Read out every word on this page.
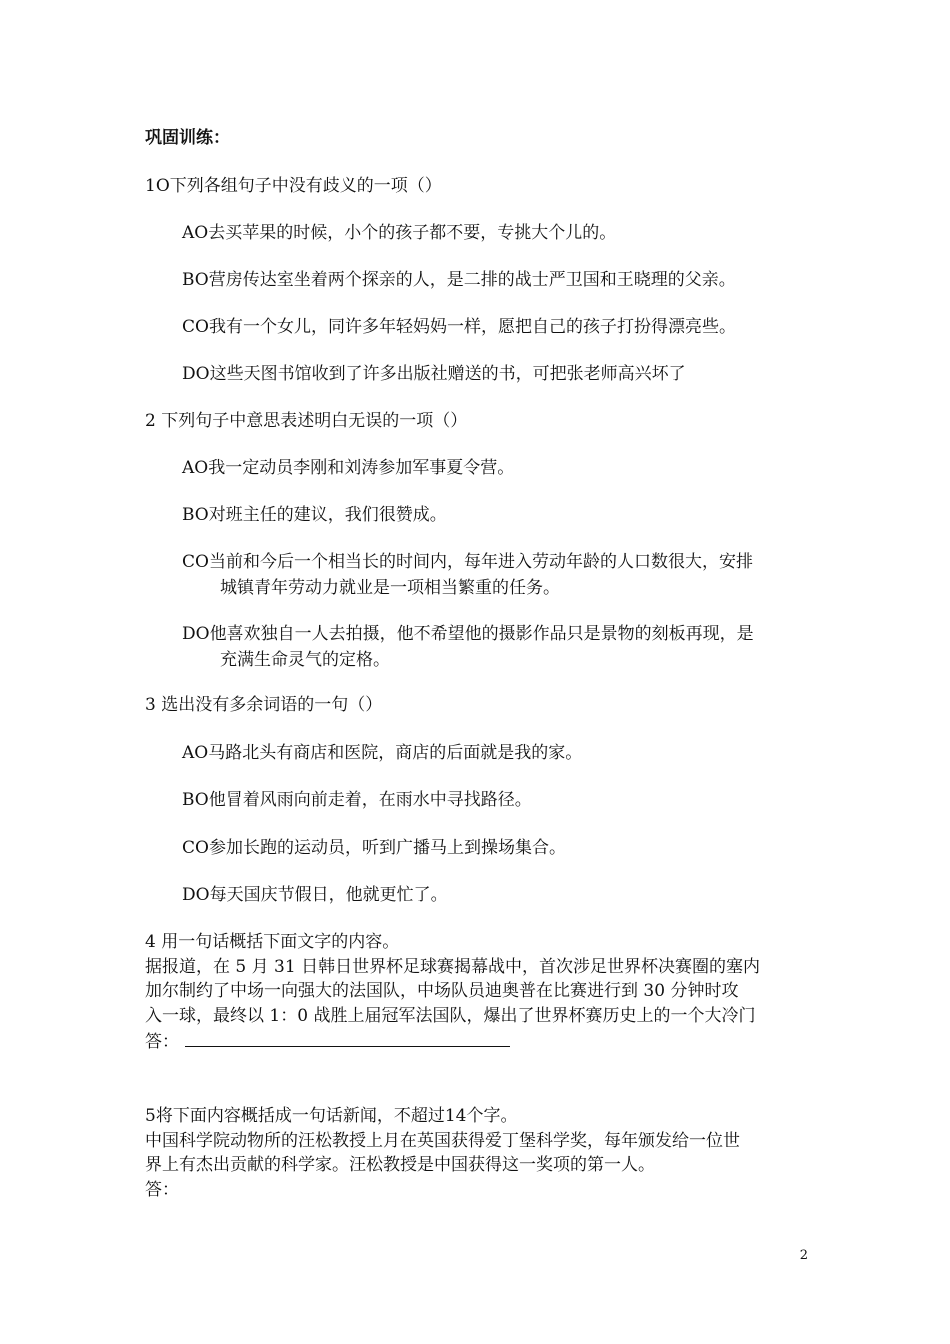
巩固训练：
1O下列各组句子中没有歧义的一项（）
AO去买苹果的时候，小个的孩子都不要，专挑大个儿的。
BO营房传达室坐着两个探亲的人，是二排的战士严卫国和王晓理的父亲。
CO我有一个女儿，同许多年轻妈妈一样，愿把自己的孩子打扮得漂亮些。
DO这些天图书馆收到了许多出版社赠送的书，可把张老师高兴坏了
2 下列句子中意思表述明白无误的一项（）
AO我一定动员李刚和刘涛参加军事夏令营。
BO对班主任的建议，我们很赞成。
CO当前和今后一个相当长的时间内，每年进入劳动年龄的人口数很大，安排
城镇青年劳动力就业是一项相当繁重的任务。
DO他喜欢独自一人去拍摄，他不希望他的摄影作品只是景物的刻板再现，是
充满生命灵气的定格。
3 选出没有多余词语的一句（）
AO马路北头有商店和医院，商店的后面就是我的家。
BO他冒着风雨向前走着，在雨水中寻找路径。
CO参加长跑的运动员，听到广播马上到操场集合。
DO每天国庆节假日，他就更忙了。
4 用一句话概括下面文字的内容。
据报道，在 5 月 31 日韩日世界杯足球赛揭幕战中，首次涉足世界杯决赛圈的塞内
加尔制约了中场一向强大的法国队，中场队员迪奥普在比赛进行到 30 分钟时攻
入一球，最终以 1：0 战胜上届冠军法国队，爆出了世界杯赛历史上的一个大冷门
答：
5将下面内容概括成一句话新闻，不超过14个字。
中国科学院动物所的汪松教授上月在英国获得爱丁堡科学奖，每年颁发给一位世
界上有杰出贡献的科学家。汪松教授是中国获得这一奖项的第一人。
答：
2
